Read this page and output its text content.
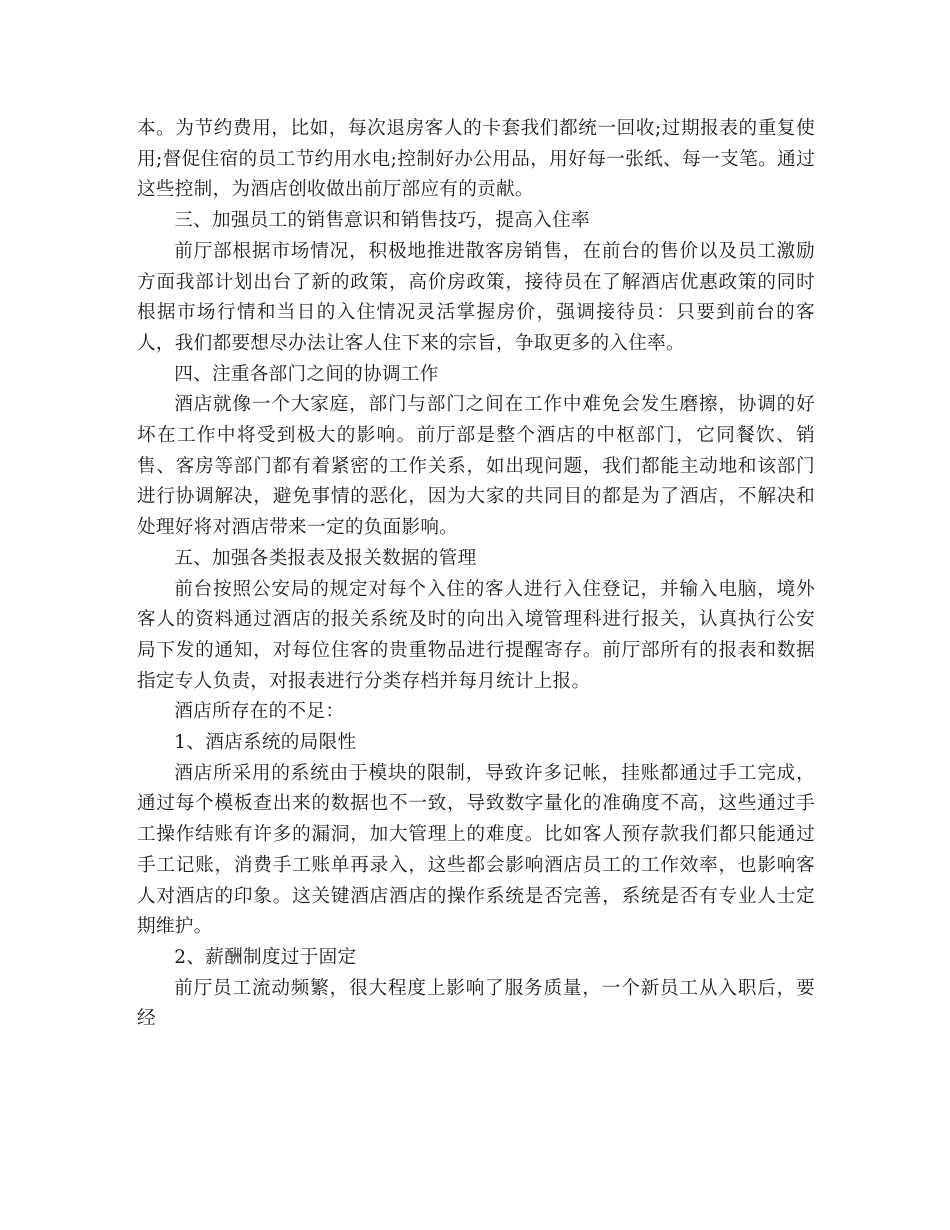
本。为节约费用，比如，每次退房客人的卡套我们都统一回收;过期报表的重复使用;督促住宿的员工节约用水电;控制好办公用品，用好每一张纸、每一支笔。通过这些控制，为酒店创收做出前厅部应有的贡献。

三、加强员工的销售意识和销售技巧，提高入住率

前厅部根据市场情况，积极地推进散客房销售，在前台的售价以及员工激励方面我部计划出台了新的政策，高价房政策，接待员在了解酒店优惠政策的同时根据市场行情和当日的入住情况灵活掌握房价，强调接待员：只要到前台的客人，我们都要想尽办法让客人住下来的宗旨，争取更多的入住率。

四、注重各部门之间的协调工作

酒店就像一个大家庭，部门与部门之间在工作中难免会发生磨擦，协调的好坏在工作中将受到极大的影响。前厅部是整个酒店的中枢部门，它同餐饮、销售、客房等部门都有着紧密的工作关系，如出现问题，我们都能主动地和该部门进行协调解决，避免事情的恶化，因为大家的共同目的都是为了酒店，不解决和处理好将对酒店带来一定的负面影响。

五、加强各类报表及报关数据的管理

前台按照公安局的规定对每个入住的客人进行入住登记，并输入电脑，境外客人的资料通过酒店的报关系统及时的向出入境管理科进行报关，认真执行公安局下发的通知，对每位住客的贵重物品进行提醒寄存。前厅部所有的报表和数据指定专人负责，对报表进行分类存档并每月统计上报。

酒店所存在的不足：
1、酒店系统的局限性

酒店所采用的系统由于模块的限制，导致许多记帐，挂账都通过手工完成，通过每个模板查出来的数据也不一致，导致数字量化的准确度不高，这些通过手工操作结账有许多的漏洞，加大管理上的难度。比如客人预存款我们都只能通过手工记账，消费手工账单再录入，这些都会影响酒店员工的工作效率，也影响客人对酒店的印象。这关键酒店酒店的操作系统是否完善，系统是否有专业人士定期维护。

2、薪酬制度过于固定

前厅员工流动频繁，很大程度上影响了服务质量，一个新员工从入职后，要经
